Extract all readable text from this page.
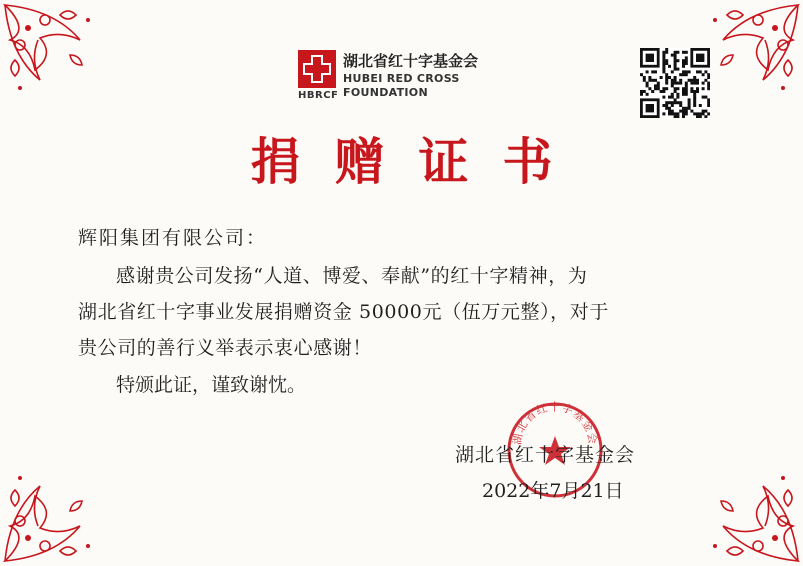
HBRCF
湖北省红十字基金会
HUBEI RED CROSS
FOUNDATION
捐赠证书
辉阳集团有限公司：

感谢贵公司发扬“人道、博爱、奉献”的红十字精神，为

湖北省红十字事业发展捐赠资金 50000元（伍万元整），对于

贵公司的善行义举表示衷心感谢！

特颁此证，谨致谢忱。
湖北省红十字基金会
湖北省红十字基金会
2022年7月21日
